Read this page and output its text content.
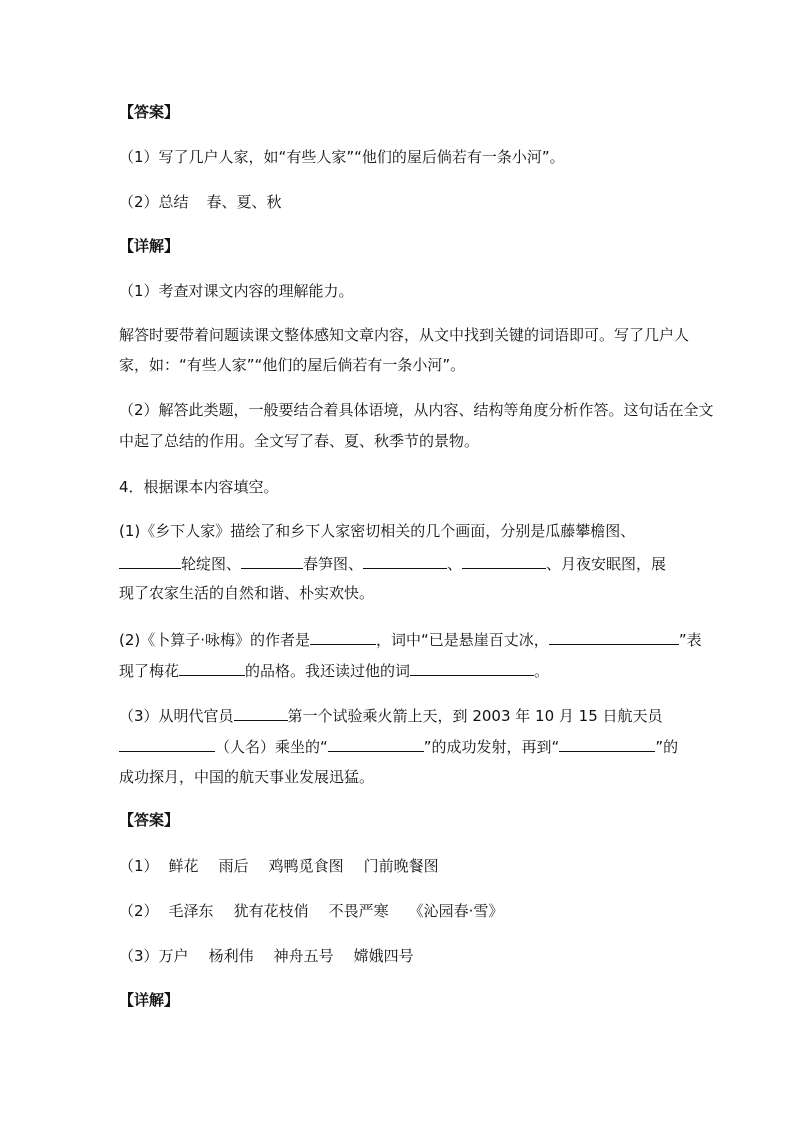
【答案】
（1）写了几户人家，如“有些人家”“他们的屋后倘若有一条小河”。
（2）总结 春、夏、秋
【详解】
（1）考查对课文内容的理解能力。
解答时要带着问题读课文整体感知文章内容，从文中找到关键的词语即可。写了几户人
家，如：“有些人家”“他们的屋后倘若有一条小河”。
（2）解答此类题，一般要结合着具体语境，从内容、结构等角度分析作答。这句话在全文
中起了总结的作用。全文写了春、夏、秋季节的景物。
4．根据课本内容填空。
(1)《乡下人家》描绘了和乡下人家密切相关的几个画面，分别是瓜藤攀檐图、
轮绽图、	春笋图、	、	、月夜安眠图，展
现了农家生活的自然和谐、朴实欢快。
(2)《卜算子·咏梅》的作者是	，词中“已是悬崖百丈冰，	”表
现了梅花	的品格。我还读过他的词	。
（3）从明代官员	第一个试验乘火箭上天，到 2003 年 10 月 15 日航天员
（人名）乘坐的“	”的成功发射，再到“	”的
成功探月，中国的航天事业发展迅猛。
【答案】
（1） 鲜花 雨后 鸡鸭觅食图 门前晚餐图
（2） 毛泽东 犹有花枝俏 不畏严寒 《沁园春·雪》
（3）万户 杨利伟 神舟五号 嫦娥四号
【详解】
